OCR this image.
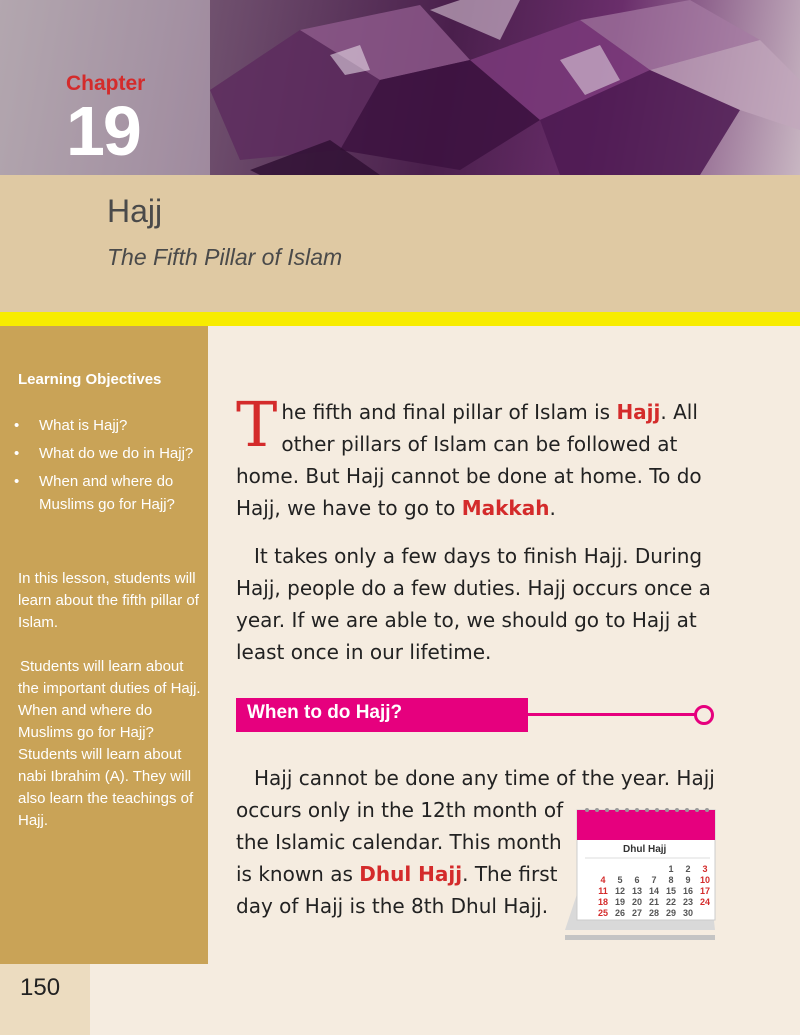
Chapter
19
Hajj
The Fifth Pillar of Islam
Learning Objectives
• What is Hajj?
• What do we do in Hajj?
• When and where do Muslims go for Hajj?
In this lesson, students will learn about the fifth pillar of Islam.
Students will learn about the important duties of Hajj. When and where do Muslims go for Hajj? Students will learn about nabi Ibrahim (A). They will also learn the teachings of Hajj.
150
The fifth and final pillar of Islam is Hajj. All other pillars of Islam can be followed at home. But Hajj cannot be done at home. To do Hajj, we have to go to Makkah.
It takes only a few days to finish Hajj. During Hajj, people do a few duties. Hajj occurs once a year. If we are able to, we should go to Hajj at least once in our lifetime.
When to do Hajj?
Hajj cannot be done any time of the year. Hajj
occurs only in the 12th month of the Islamic calendar. This month is known as Dhul Hajj. The first day of Hajj is the 8th Dhul Hajj.
Dhul Hajj
1 2 3
4 5 6 7 8 9 10
11 12 13 14 15 16 17
18 19 20 21 22 23 24
25 26 27 28 29 30
